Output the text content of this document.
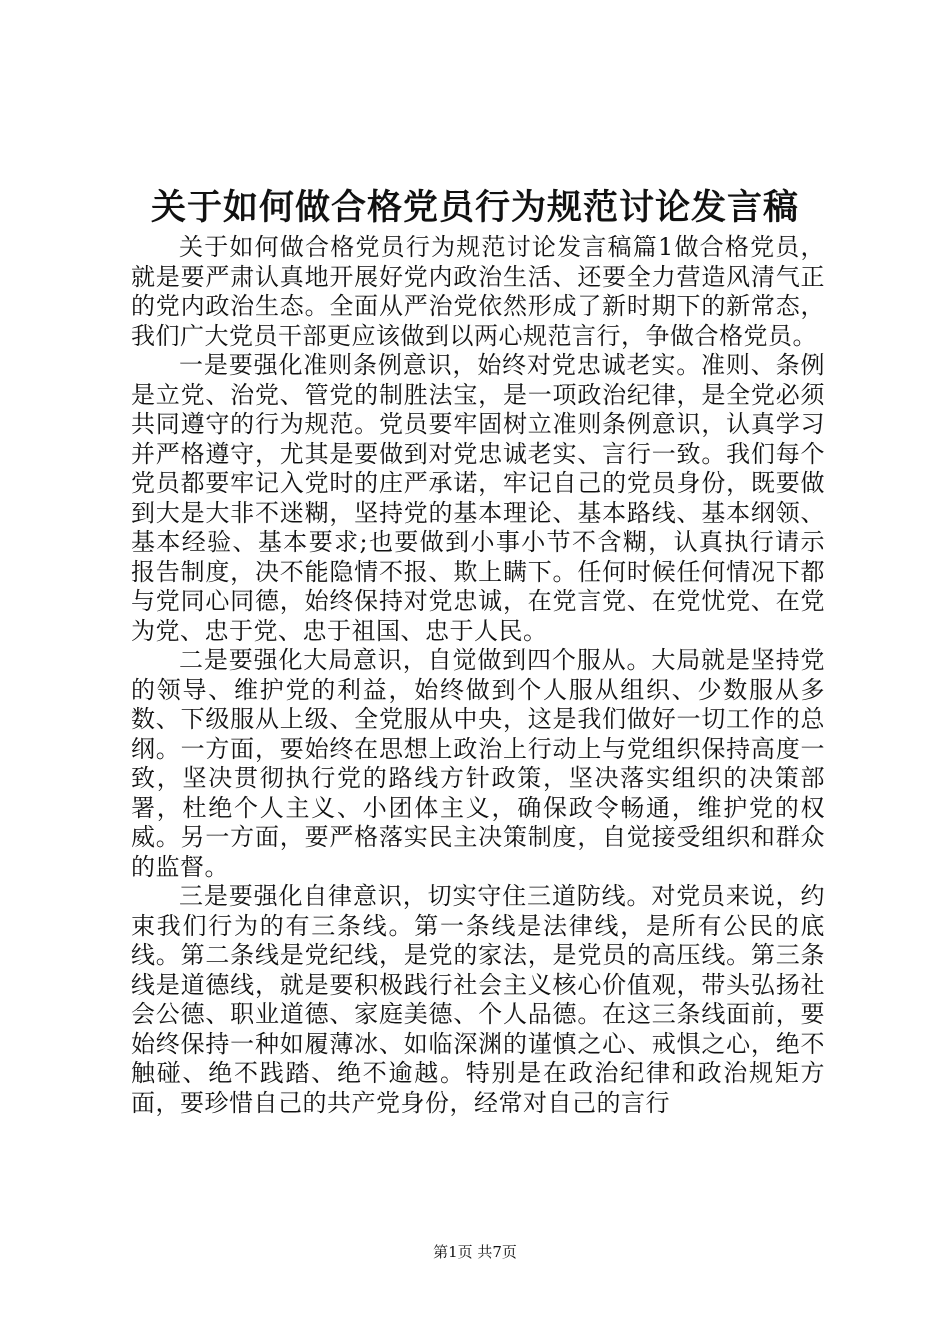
关于如何做合格党员行为规范讨论发言稿

关于如何做合格党员行为规范讨论发言稿篇1做合格党员，就是要严肃认真地开展好党内政治生活、还要全力营造风清气正的党内政治生态。全面从严治党依然形成了新时期下的新常态，我们广大党员干部更应该做到以两心规范言行，争做合格党员。

一是要强化准则条例意识，始终对党忠诚老实。准则、条例是立党、治党、管党的制胜法宝，是一项政治纪律，是全党必须共同遵守的行为规范。党员要牢固树立准则条例意识，认真学习并严格遵守，尤其是要做到对党忠诚老实、言行一致。我们每个党员都要牢记入党时的庄严承诺，牢记自己的党员身份，既要做到大是大非不迷糊，坚持党的基本理论、基本路线、基本纲领、基本经验、基本要求;也要做到小事小节不含糊，认真执行请示报告制度，决不能隐情不报、欺上瞒下。任何时候任何情况下都与党同心同德，始终保持对党忠诚，在党言党、在党忧党、在党为党、忠于党、忠于祖国、忠于人民。

二是要强化大局意识，自觉做到四个服从。大局就是坚持党的领导、维护党的利益，始终做到个人服从组织、少数服从多数、下级服从上级、全党服从中央，这是我们做好一切工作的总纲。一方面，要始终在思想上政治上行动上与党组织保持高度一致，坚决贯彻执行党的路线方针政策，坚决落实组织的决策部署，杜绝个人主义、小团体主义，确保政令畅通，维护党的权威。另一方面，要严格落实民主决策制度，自觉接受组织和群众的监督。

三是要强化自律意识，切实守住三道防线。对党员来说，约束我们行为的有三条线。第一条线是法律线，是所有公民的底线。第二条线是党纪线，是党的家法，是党员的高压线。第三条线是道德线，就是要积极践行社会主义核心价值观，带头弘扬社会公德、职业道德、家庭美德、个人品德。在这三条线面前，要始终保持一种如履薄冰、如临深渊的谨慎之心、戒惧之心，绝不触碰、绝不践踏、绝不逾越。特别是在政治纪律和政治规矩方面，要珍惜自己的共产党身份，经常对自己的言行

第1页 共7页
